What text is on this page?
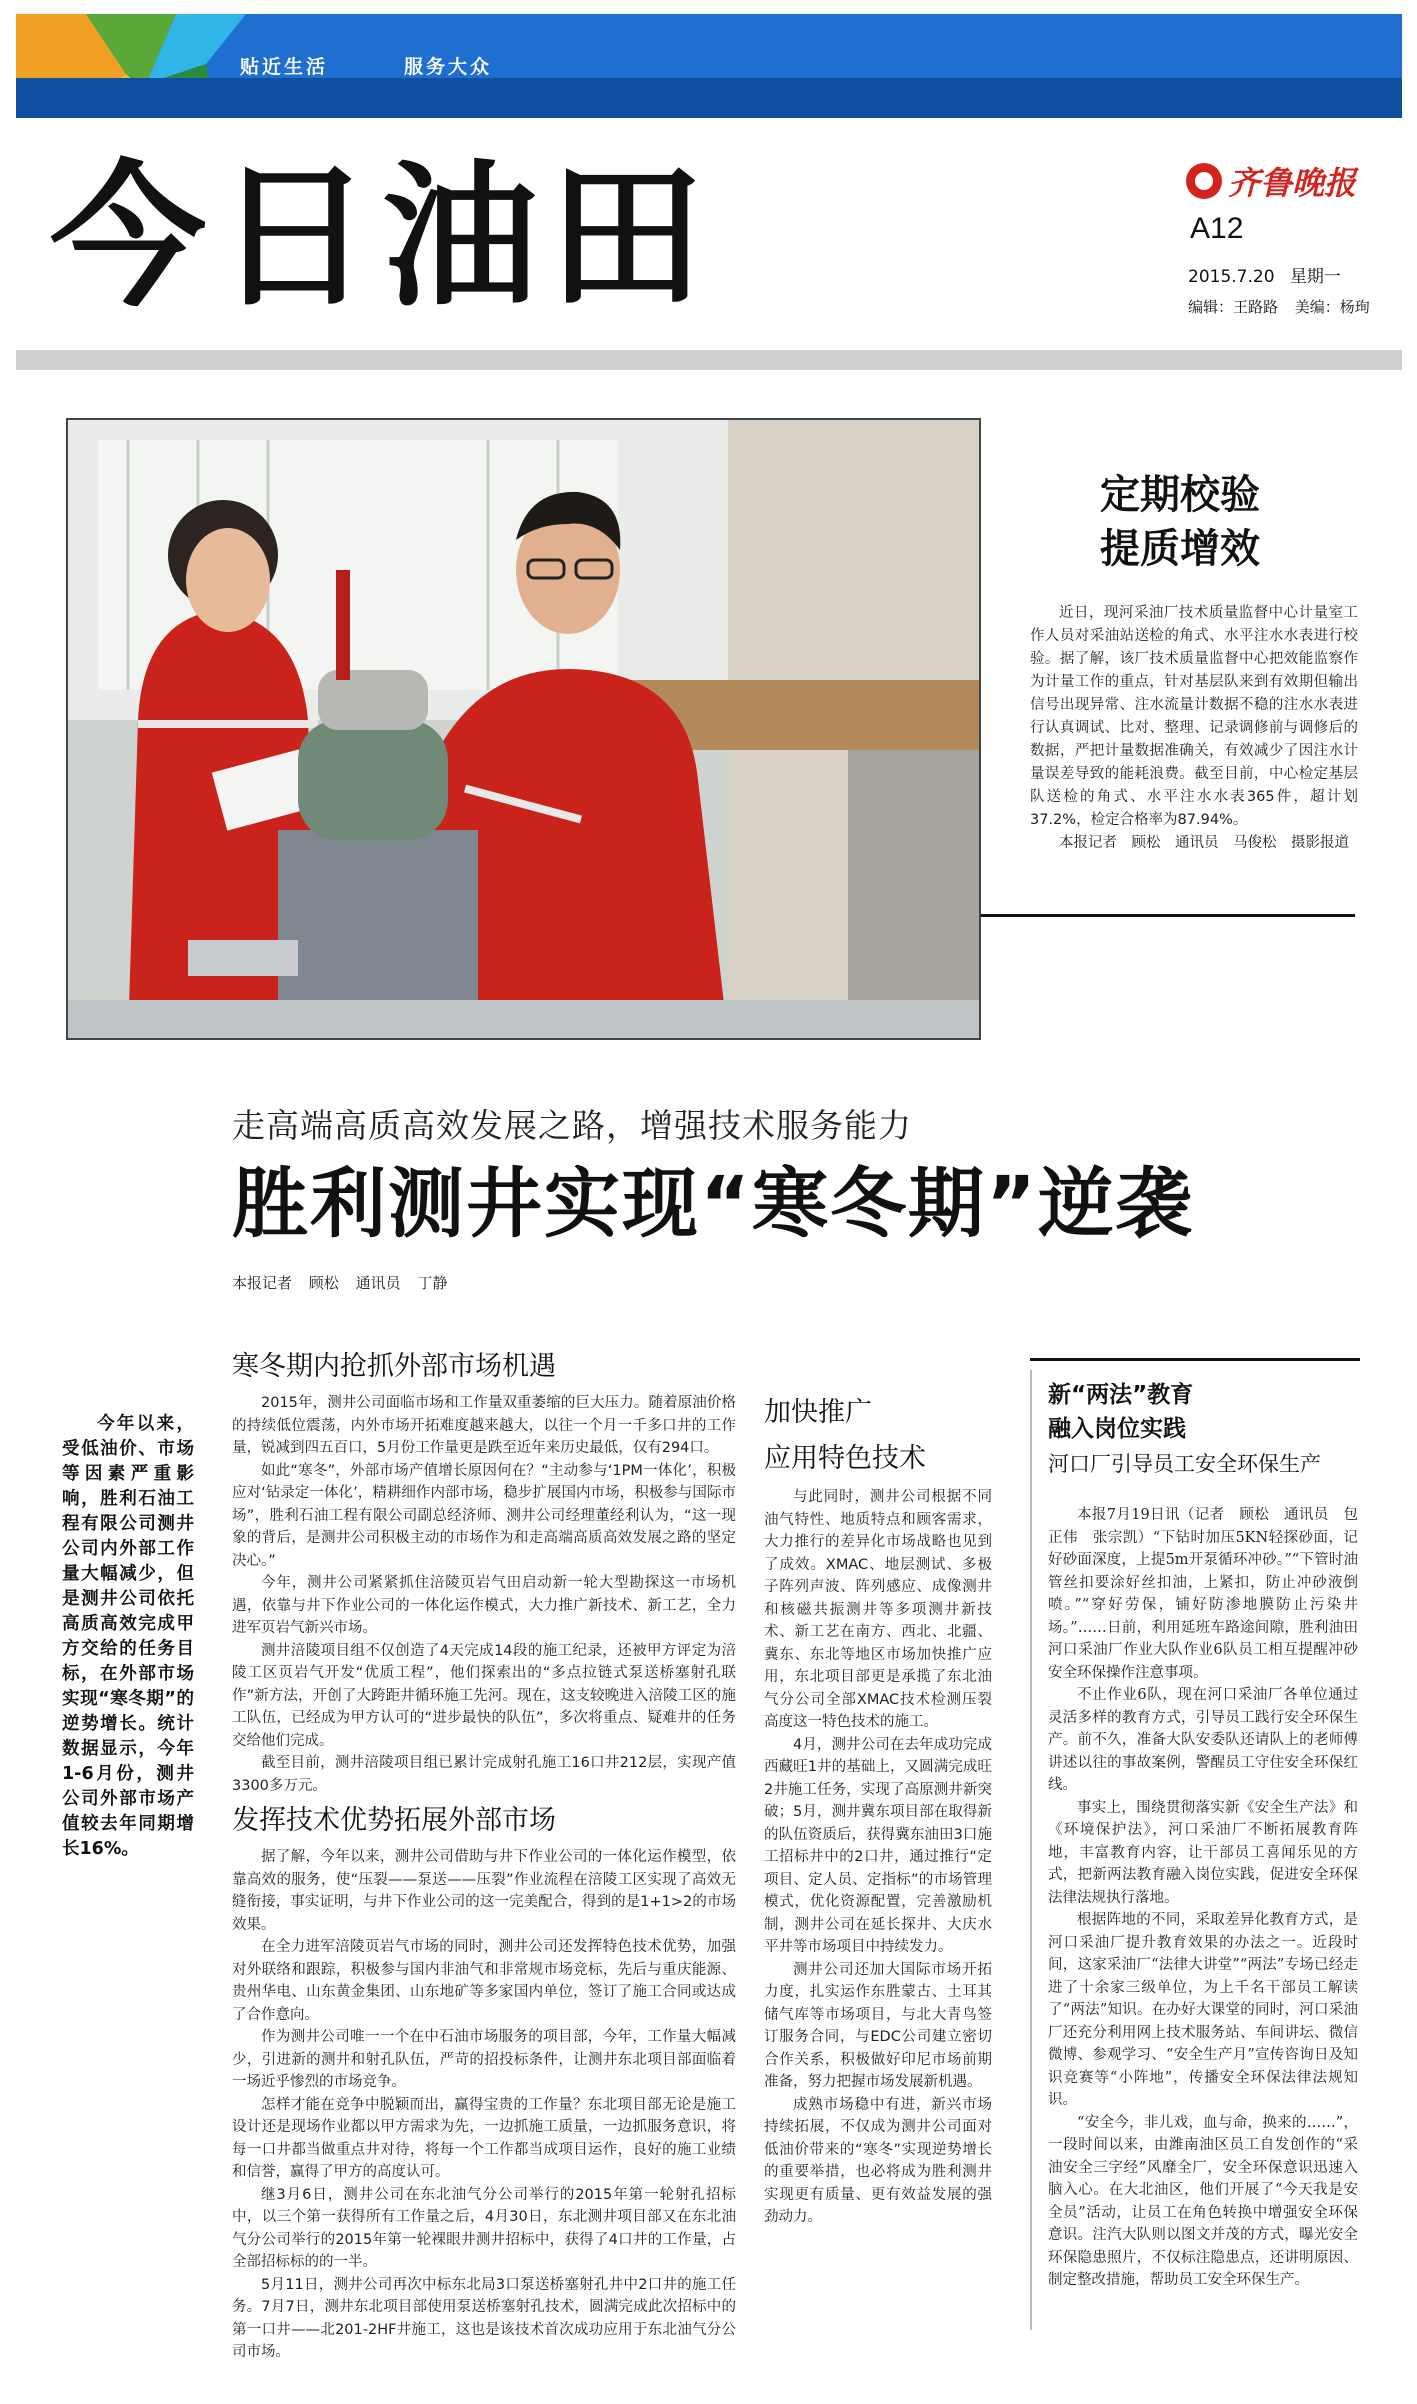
贴近生活	服务大众
今日油田	齐鲁晚报
A12
2015.7.20 星期一
编辑：王路路 美编：杨珣
定期校验
提质增效
近日，现河采油厂技术质量监督中心计量室工作人员对采油站送检的角式、水平注水水表进行校验。据了解，该厂技术质量监督中心把效能监察作为计量工作的重点，针对基层队来到有效期但输出信号出现异常、注水流量计数据不稳的注水水表进行认真调试、比对、整理、记录调修前与调修后的数据，严把计量数据准确关，有效减少了因注水计量误差导致的能耗浪费。截至目前，中心检定基层队送检的角式、水平注水水表365件，超计划37.2%，检定合格率为87.94%。
本报记者　顾松　通讯员　马俊松　摄影报道
走高端高质高效发展之路，增强技术服务能力
胜利测井实现“寒冬期”逆袭
本报记者 顾松 通讯员 丁静
今年以来，受低油价、市场等因素严重影响，胜利石油工程有限公司测井公司内外部工作量大幅减少，但是测井公司依托高质高效完成甲方交给的任务目标，在外部市场实现“寒冬期”的逆势增长。统计数据显示，今年1-6月份，测井公司外部市场产值较去年同期增长16%。
寒冬期内抢抓外部市场机遇

2015年，测井公司面临市场和工作量双重萎缩的巨大压力。随着原油价格的持续低位震荡，内外市场开拓难度越来越大，以往一个月一千多口井的工作量，锐减到四五百口，5月份工作量更是跌至近年来历史最低，仅有294口。

如此“寒冬”，外部市场产值增长原因何在？“主动参与‘1PM一体化’，积极应对‘钻录定一体化’，精耕细作内部市场，稳步扩展国内市场，积极参与国际市场”，胜利石油工程有限公司副总经济师、测井公司经理董经利认为，“这一现象的背后，是测井公司积极主动的市场作为和走高端高质高效发展之路的坚定决心。”

今年，测井公司紧紧抓住涪陵页岩气田启动新一轮大型勘探这一市场机遇，依靠与井下作业公司的一体化运作模式，大力推广新技术、新工艺，全力进军页岩气新兴市场。

测井涪陵项目组不仅创造了4天完成14段的施工纪录，还被甲方评定为涪陵工区页岩气开发“优质工程”，他们探索出的“多点拉链式泵送桥塞射孔联作”新方法，开创了大跨距井循环施工先河。现在，这支较晚进入涪陵工区的施工队伍，已经成为甲方认可的“进步最快的队伍”，多次将重点、疑难井的任务交给他们完成。

截至目前，测井涪陵项目组已累计完成射孔施工16口井212层，实现产值3300多万元。

发挥技术优势拓展外部市场

据了解，今年以来，测井公司借助与井下作业公司的一体化运作模型，依靠高效的服务，使“压裂——泵送——压裂”作业流程在涪陵工区实现了高效无缝衔接，事实证明，与井下作业公司的这一完美配合，得到的是1+1>2的市场效果。

在全力进军涪陵页岩气市场的同时，测井公司还发挥特色技术优势，加强对外联络和跟踪，积极参与国内非油气和非常规市场竞标，先后与重庆能源、贵州华电、山东黄金集团、山东地矿等多家国内单位，签订了施工合同或达成了合作意向。

作为测井公司唯一一个在中石油市场服务的项目部，今年，工作量大幅减少，引进新的测井和射孔队伍，严苛的招投标条件，让测井东北项目部面临着一场近乎惨烈的市场竞争。

怎样才能在竞争中脱颖而出，赢得宝贵的工作量？东北项目部无论是施工设计还是现场作业都以甲方需求为先，一边抓施工质量，一边抓服务意识，将每一口井都当做重点井对待，将每一个工作都当成项目运作，良好的施工业绩和信誉，赢得了甲方的高度认可。

继3月6日，测井公司在东北油气分公司举行的2015年第一轮射孔招标中，以三个第一获得所有工作量之后，4月30日，东北测井项目部又在东北油气分公司举行的2015年第一轮裸眼井测井招标中，获得了4口井的工作量，占全部招标标的的一半。

5月11日，测井公司再次中标东北局3口泵送桥塞射孔井中2口井的施工任务。7月7日，测井东北项目部使用泵送桥塞射孔技术，圆满完成此次招标中的第一口井——北201-2HF井施工，这也是该技术首次成功应用于东北油气分公司市场。

加快推广
应用特色技术

与此同时，测井公司根据不同油气特性、地质特点和顾客需求，大力推行的差异化市场战略也见到了成效。XMAC、地层测试、多极子阵列声波、阵列感应、成像测井和核磁共振测井等多项测井新技术、新工艺在南方、西北、北疆、冀东、东北等地区市场加快推广应用，东北项目部更是承揽了东北油气分公司全部XMAC技术检测压裂高度这一特色技术的施工。

4月，测井公司在去年成功完成西藏旺1井的基础上，又圆满完成旺2井施工任务，实现了高原测井新突破；5月，测井冀东项目部在取得新的队伍资质后，获得冀东油田3口施工招标井中的2口井，通过推行“定项目、定人员、定指标”的市场管理模式，优化资源配置，完善激励机制，测井公司在延长探井、大庆水平井等市场项目中持续发力。

测井公司还加大国际市场开拓力度，扎实运作东胜蒙古、土耳其储气库等市场项目，与北大青鸟签订服务合同，与EDC公司建立密切合作关系，积极做好印尼市场前期准备，努力把握市场发展新机遇。

成熟市场稳中有进，新兴市场持续拓展，不仅成为测井公司面对低油价带来的“寒冬”实现逆势增长的重要举措，也必将成为胜利测井实现更有质量、更有效益发展的强劲动力。

新“两法”教育
融入岗位实践
河口厂引导员工安全环保生产

本报7月19日讯（记者　顾松　通讯员　包正伟　张宗凯）“下钻时加压5KN轻探砂面，记好砂面深度，上提5m开泵循环冲砂。”“下管时油管丝扣要涂好丝扣油，上紧扣，防止冲砂液倒喷。”“穿好劳保，铺好防渗地膜防止污染井场。”……日前，利用延班车路途间隙，胜利油田河口采油厂作业大队作业6队员工相互提醒冲砂安全环保操作注意事项。

不止作业6队，现在河口采油厂各单位通过灵活多样的教育方式，引导员工践行安全环保生产。前不久，准备大队安委队还请队上的老师傅讲述以往的事故案例，警醒员工守住安全环保红线。

事实上，围绕贯彻落实新《安全生产法》和《环境保护法》，河口采油厂不断拓展教育阵地，丰富教育内容，让干部员工喜闻乐见的方式，把新两法教育融入岗位实践，促进安全环保法律法规执行落地。

根据阵地的不同，采取差异化教育方式，是河口采油厂提升教育效果的办法之一。近段时间，这家采油厂“法律大讲堂”“两法”专场已经走进了十余家三级单位，为上千名干部员工解读了“两法”知识。在办好大课堂的同时，河口采油厂还充分利用网上技术服务站、车间讲坛、微信微博、参观学习、“安全生产月”宣传咨询日及知识竞赛等“小阵地”，传播安全环保法律法规知识。

“安全今，非儿戏，血与命，换来的……”，一段时间以来，由潍南油区员工自发创作的“采油安全三字经”风靡全厂，安全环保意识迅速入脑入心。在大北油区，他们开展了“今天我是安全员”活动，让员工在角色转换中增强安全环保意识。注汽大队则以图文并茂的方式，曝光安全环保隐患照片，不仅标注隐患点，还讲明原因、制定整改措施，帮助员工安全环保生产。
